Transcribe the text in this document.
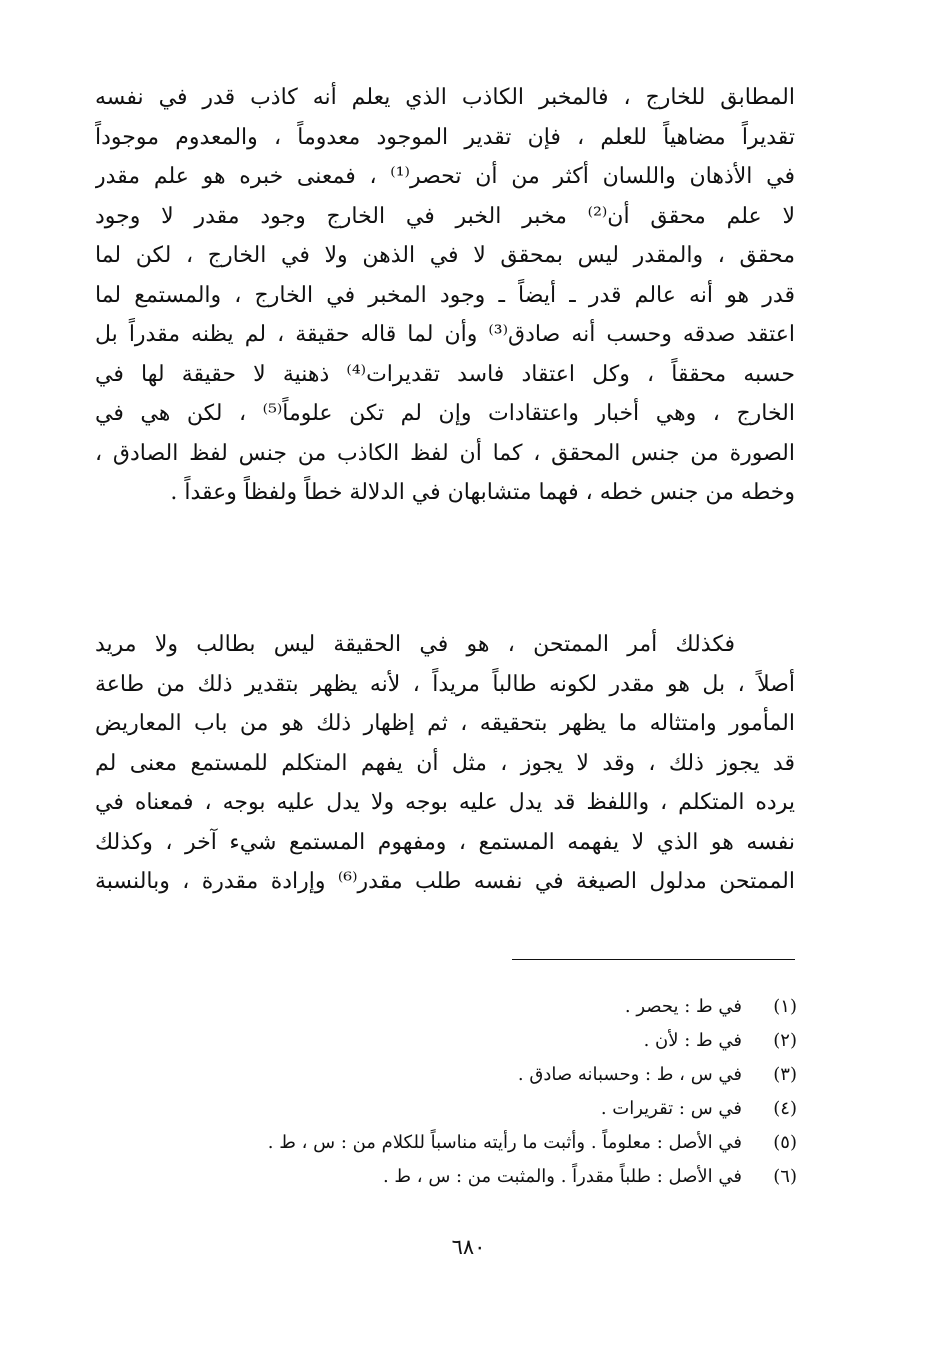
المطابق للخارج ، فالمخبر الكاذب الذي يعلم أنه كاذب قدر في نفسه
تقديراً مضاهياً للعلم ، فإن تقدير الموجود معدوماً ، والمعدوم موجوداً
في الأذهان واللسان أكثر من أن تحصر⁽¹⁾ ، فمعنى خبره هو علم مقدر
لا علم محقق أن⁽²⁾ مخبر الخبر في الخارج وجود مقدر لا وجود
محقق ، والمقدر ليس بمحقق لا في الذهن ولا في الخارج ، لكن لما
قدر هو أنه عالم قدر ـ أيضاً ـ وجود المخبر في الخارج ، والمستمع لما
اعتقد صدقه وحسب أنه صادق⁽³⁾ وأن لما قاله حقيقة ، لم يظنه مقدراً بل
حسبه محققاً ، وكل اعتقاد فاسد تقديرات⁽⁴⁾ ذهنية لا حقيقة لها في
الخارج ، وهي أخبار واعتقادات وإن لم تكن علوماً⁽⁵⁾ ، لكن هي في
الصورة من جنس المحقق ، كما أن لفظ الكاذب من جنس لفظ الصادق ،
وخطه من جنس خطه ، فهما متشابهان في الدلالة خطاً ولفظاً وعقداً .
فكذلك أمر الممتحن ، هو في الحقيقة ليس بطالب ولا مريد
أصلاً ، بل هو مقدر لكونه طالباً مريداً ، لأنه يظهر بتقدير ذلك من طاعة
المأمور وامتثاله ما يظهر بتحقيقه ، ثم إظهار ذلك هو من باب المعاريض
قد يجوز ذلك ، وقد لا يجوز ، مثل أن يفهم المتكلم للمستمع معنى لم
يرده المتكلم ، واللفظ قد يدل عليه بوجه ولا يدل عليه بوجه ، فمعناه في
نفسه هو الذي لا يفهمه المستمع ، ومفهوم المستمع شيء آخر ، وكذلك
الممتحن مدلول الصيغة في نفسه طلب مقدر⁽⁶⁾ وإرادة مقدرة ، وبالنسبة
(١)
في ط : يحصر .
(٢)
في ط : لأن .
(٣)
في س ، ط : وحسبانه صادق .
(٤)
في س : تقريرات .
(٥)
في الأصل : معلوماً . وأثبت ما رأيته مناسباً للكلام من : س ، ط .
(٦)
في الأصل : طلباً مقدراً . والمثبت من : س ، ط .
٦٨٠
